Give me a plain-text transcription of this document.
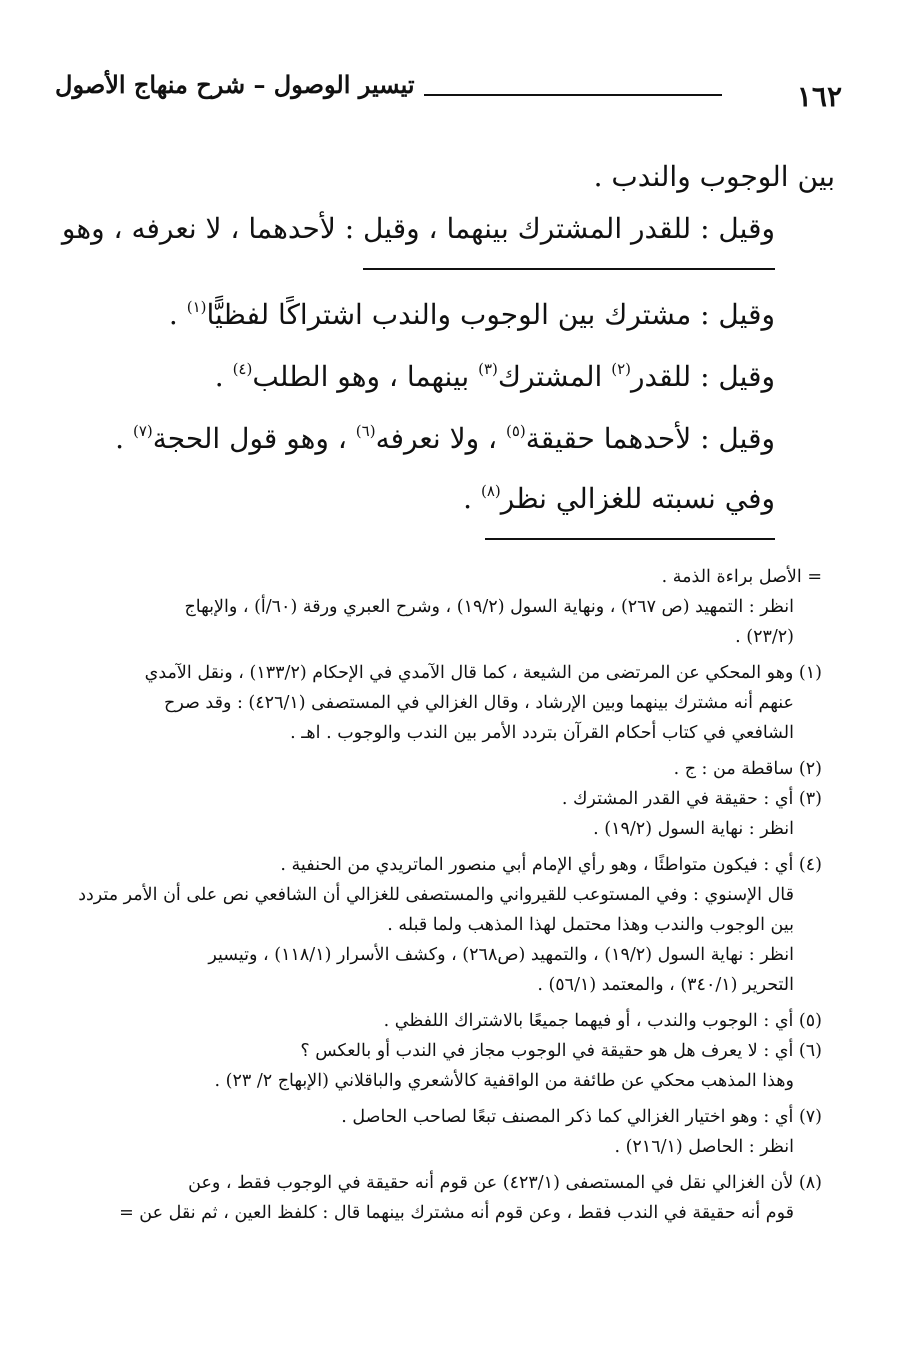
١٦٢
تيسير الوصول – شرح منهاج الأصول
بين الوجوب والندب .
وقيل : للقدر المشترك بينهما ، وقيل : لأحدهما ، لا نعرفه ، وهو
وقيل : مشترك بين الوجوب والندب اشتراكًا لفظيًّا$^{(١)}$ .
وقيل : للقدر$^{(٢)}$ المشترك$^{(٣)}$ بينهما ، وهو الطلب$^{(٤)}$ .
وقيل : لأحدهما حقيقة$^{(٥)}$ ، ولا نعرفه$^{(٦)}$ ، وهو قول الحجة$^{(٧)}$ .
وفي نسبته للغزالي نظر$^{(٨)}$ .
= الأصل براءة الذمة .
انظر : التمهيد (ص ٢٦٧) ، ونهاية السول (١٩/٢) ، وشرح العبري ورقة (٦٠/أ) ، والإبهاج
(٢٣/٢) .
(١) وهو المحكي عن المرتضى من الشيعة ، كما قال الآمدي في الإحكام (١٣٣/٢) ، ونقل الآمدي
عنهم أنه مشترك بينهما وبين الإرشاد ، وقال الغزالي في المستصفى (٤٢٦/١) : وقد صرح
الشافعي في كتاب أحكام القرآن بتردد الأمر بين الندب والوجوب . اهـ .
(٢) ساقطة من : ج .
(٣) أي : حقيقة في القدر المشترك .
انظر : نهاية السول (١٩/٢) .
(٤) أي : فيكون متواطئًا ، وهو رأي الإمام أبي منصور الماتريدي من الحنفية .
قال الإسنوي : وفي المستوعب للقيرواني والمستصفى للغزالي أن الشافعي نص على أن الأمر متردد
بين الوجوب والندب وهذا محتمل لهذا المذهب ولما قبله .
انظر : نهاية السول (١٩/٢) ، والتمهيد (ص٢٦٨) ، وكشف الأسرار (١١٨/١) ، وتيسير
التحرير (٣٤٠/١) ، والمعتمد (٥٦/١) .
(٥) أي : الوجوب والندب ، أو فيهما جميعًا بالاشتراك اللفظي .
(٦) أي : لا يعرف هل هو حقيقة في الوجوب مجاز في الندب أو بالعكس ؟
وهذا المذهب محكي عن طائفة من الواقفية كالأشعري والباقلاني (الإبهاج ٢/ ٢٣) .
(٧) أي : وهو اختيار الغزالي كما ذكر المصنف تبعًا لصاحب الحاصل .
انظر : الحاصل (٢١٦/١) .
(٨) لأن الغزالي نقل في المستصفى (٤٢٣/١) عن قوم أنه حقيقة في الوجوب فقط ، وعن
قوم أنه حقيقة في الندب فقط ، وعن قوم أنه مشترك بينهما قال : كلفظ العين ، ثم نقل عن =
